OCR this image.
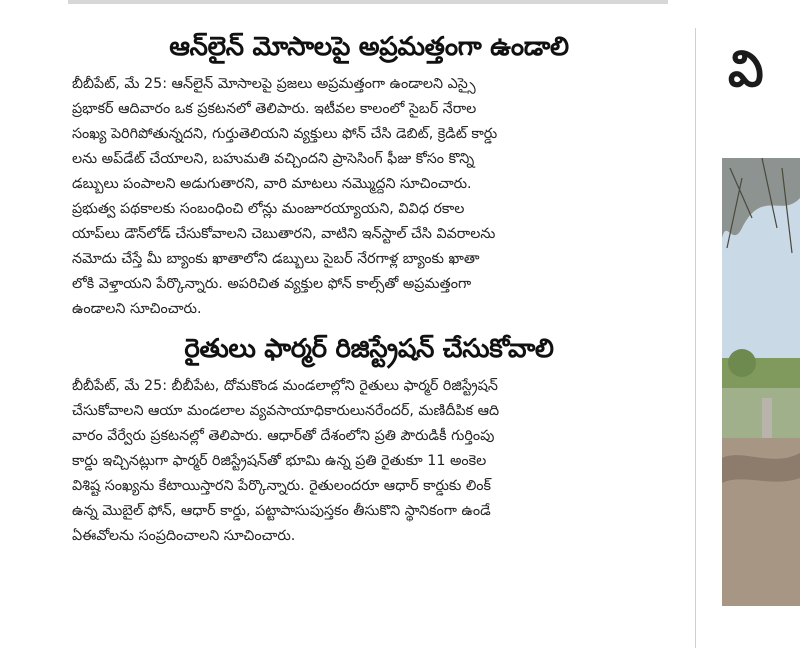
ఆన్‌లైన్ మోసాలపై అప్రమత్తంగా ఉండాలి

బీబీపేట్, మే 25: ఆన్‌లైన్ మోసాలపై ప్రజలు అప్రమత్తంగా ఉండాలని ఎస్సై
ప్రభాకర్ ఆదివారం ఒక ప్రకటనలో తెలిపారు. ఇటీవల కాలంలో సైబర్ నేరాల
సంఖ్య పెరిగిపోతున్నదని, గుర్తుతెలియని వ్యక్తులు ఫోన్ చేసి డెబిట్, క్రెడిట్ కార్డు
లను అప్‌డేట్ చేయాలని, బహుమతి వచ్చిందని ప్రాసెసింగ్ ఫీజు కోసం కొన్ని
డబ్బులు పంపాలని అడుగుతారని, వారి మాటలు నమ్మొద్దని సూచించారు.
ప్రభుత్వ పథకాలకు సంబంధించి లోన్లు మంజూరయ్యాయని, వివిధ రకాల
యాప్‌లు డౌన్‌లోడ్ చేసుకోవాలని చెబుతారని, వాటిని ఇన్‌స్టాల్ చేసి వివరాలను
నమోదు చేస్తే మీ బ్యాంకు ఖాతాలోని డబ్బులు సైబర్ నేరగాళ్ల బ్యాంకు ఖాతా
లోకి వెళ్తాయని పేర్కొన్నారు. అపరిచిత వ్యక్తుల ఫోన్ కాల్స్‌తో అప్రమత్తంగా
ఉండాలని సూచించారు.

రైతులు ఫార్మర్ రిజిస్ట్రేషన్ చేసుకోవాలి

బీబీపేట్, మే 25: బీబీపేట, దోమకొండ మండలాల్లోని రైతులు ఫార్మర్ రిజిస్ట్రేషన్
చేసుకోవాలని ఆయా మండలాల వ్యవసాయాధికారులునరేందర్, మణిదీపిక ఆది
వారం వేర్వేరు ప్రకటనల్లో తెలిపారు. ఆధార్‌తో దేశంలోని ప్రతి పౌరుడికీ గుర్తింపు
కార్డు ఇచ్చినట్లుగా ఫార్మర్ రిజిస్ట్రేషన్‌తో భూమి ఉన్న ప్రతి రైతుకూ 11 అంకెల
విశిష్ట సంఖ్యను కేటాయిస్తారని పేర్కొన్నారు. రైతులందరూ ఆధార్ కార్డుకు లింక్
ఉన్న మొబైల్ ఫోన్, ఆధార్ కార్డు, పట్టాపాసుపుస్తకం తీసుకొని స్థానికంగా ఉండే
ఏఈవోలను సంప్రదించాలని సూచించారు.

వి
